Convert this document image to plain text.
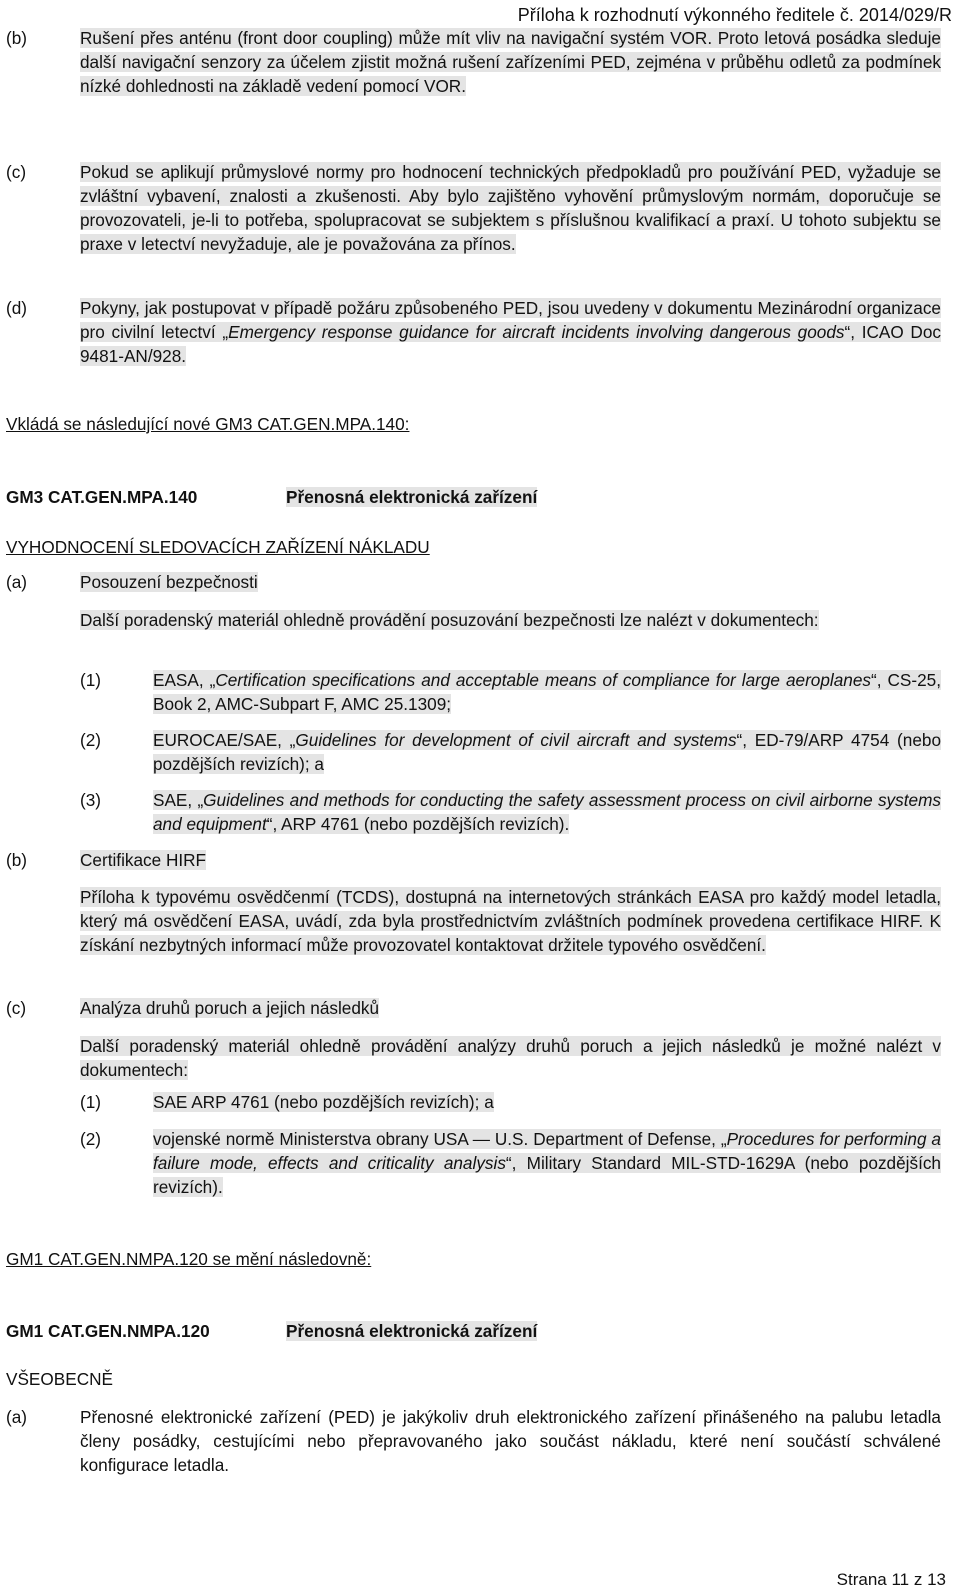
Příloha k rozhodnutí výkonného ředitele č. 2014/029/R
(b)	Rušení přes anténu (front door coupling) může mít vliv na navigační systém VOR. Proto letová posádka sleduje další navigační senzory za účelem zjistit možná rušení zařízeními PED, zejména v průběhu odletů za podmínek nízké dohlednosti na základě vedení pomocí VOR.
(c)	Pokud se aplikují průmyslové normy pro hodnocení technických předpokladů pro používání PED, vyžaduje se zvláštní vybavení, znalosti a zkušenosti. Aby bylo zajištěno vyhovění průmyslovým normám, doporučuje se provozovateli, je-li to potřeba, spolupracovat se subjektem s příslušnou kvalifikací a praxí. U tohoto subjektu se praxe v letectví nevyžaduje, ale je považována za přínos.
(d)	Pokyny, jak postupovat v případě požáru způsobeného PED, jsou uvedeny v dokumentu Mezinárodní organizace pro civilní letectví „Emergency response guidance for aircraft incidents involving dangerous goods“, ICAO Doc 9481-AN/928.
Vkládá se následující nové GM3 CAT.GEN.MPA.140:
GM3 CAT.GEN.MPA.140	Přenosná elektronická zařízení
VYHODNOCENÍ SLEDOVACÍCH ZAŘÍZENÍ NÁKLADU
(a)	Posouzení bezpečnosti
Další poradenský materiál ohledně provádění posuzování bezpečnosti lze nalézt v dokumentech:
(1)	EASA, „Certification specifications and acceptable means of compliance for large aeroplanes“, CS-25, Book 2, AMC-Subpart F, AMC 25.1309;
(2)	EUROCAE/SAE, „Guidelines for development of civil aircraft and systems“, ED-79/ARP 4754 (nebo pozdějších revizích); a
(3)	SAE, „Guidelines and methods for conducting the safety assessment process on civil airborne systems and equipment“, ARP 4761 (nebo pozdějších revizích).
(b)	Certifikace HIRF
Příloha k typovému osvědčenmí (TCDS), dostupná na internetových stránkách EASA pro každý model letadla, který má osvědčení EASA, uvádí, zda byla prostřednictvím zvláštních podmínek provedena certifikace HIRF. K získání nezbytných informací může provozovatel kontaktovat držitele typového osvědčení.
(c)	Analýza druhů poruch a jejich následků
Další poradenský materiál ohledně provádění analýzy druhů poruch a jejich následků je možné nalézt v dokumentech:
(1)	SAE ARP 4761 (nebo pozdějších revizích); a
(2)	vojenské normě Ministerstva obrany USA — U.S. Department of Defense, „Procedures for performing a failure mode, effects and criticality analysis“, Military Standard MIL-STD-1629A (nebo pozdějších revizích).
GM1 CAT.GEN.NMPA.120 se mění následovně:
GM1 CAT.GEN.NMPA.120	Přenosná elektronická zařízení
VŠEOBECNĚ
(a)	Přenosné elektronické zařízení (PED) je jakýkoliv druh elektronického zařízení přinášeného na palubu letadla členy posádky, cestujícími nebo přepravovaného jako součást nákladu, které není součástí schválené konfigurace letadla.
Strana 11 z 13
